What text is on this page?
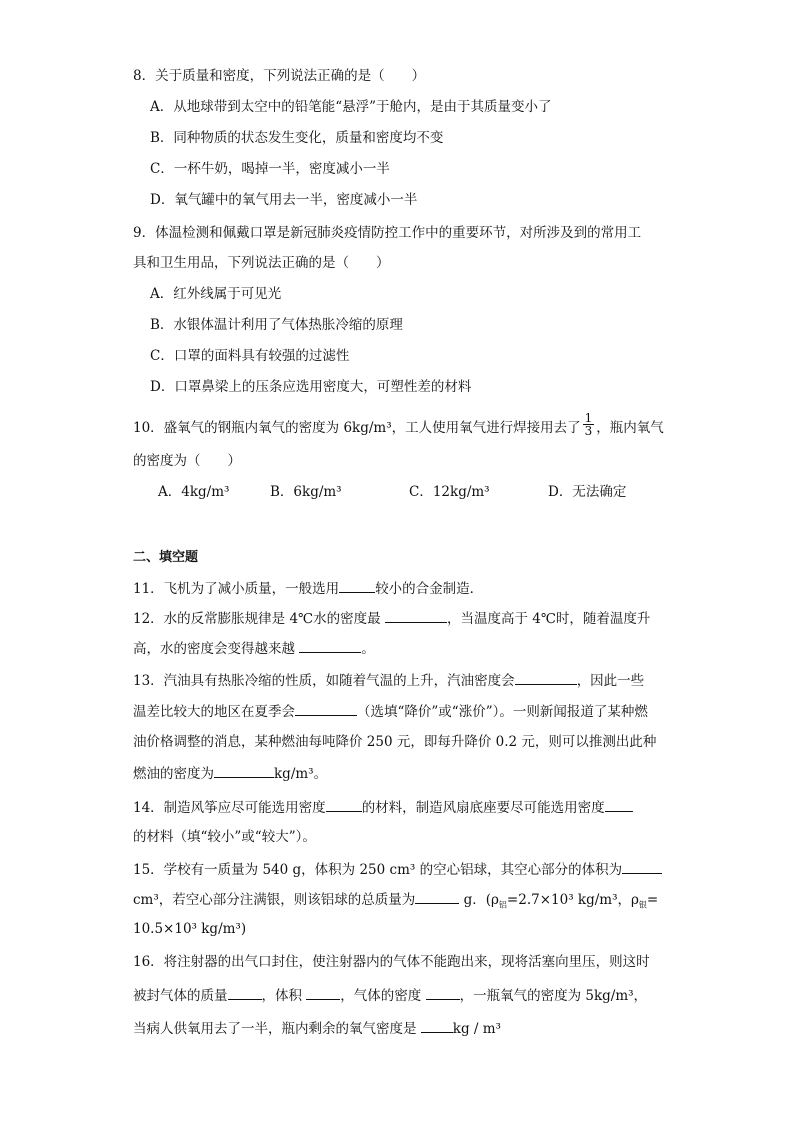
8．关于质量和密度，下列说法正确的是（　　）
A．从地球带到太空中的铅笔能“悬浮”于舱内，是由于其质量变小了
B．同种物质的状态发生变化，质量和密度均不变
C．一杯牛奶，喝掉一半，密度减小一半
D．氧气罐中的氧气用去一半，密度减小一半
9．体温检测和佩戴口罩是新冠肺炎疫情防控工作中的重要环节，对所涉及到的常用工
具和卫生用品，下列说法正确的是（　　）
A．红外线属于可见光
B．水银体温计利用了气体热胀冷缩的原理
C．口罩的面料具有较强的过滤性
D．口罩鼻梁上的压条应选用密度大，可塑性差的材料
10．盛氧气的钢瓶内氧气的密度为 6kg/m³，工人使用氧气进行焊接用去了 $\frac{1}{3}$ ，瓶内氧气
的密度为（　　）
A．4kg/m³	B．6kg/m³	C．12kg/m³	D．无法确定
二、填空题
11．飞机为了减小质量，一般选用	较小的合金制造．
12．水的反常膨胀规律是 4℃水的密度最	，当温度高于 4℃时，随着温度升
高，水的密度会变得越来越	。
13．汽油具有热胀冷缩的性质，如随着气温的上升，汽油密度会	，因此一些
温差比较大的地区在夏季会	（选填“降价”或“涨价”）。一则新闻报道了某种燃
油价格调整的消息，某种燃油每吨降价 250 元，即每升降价 0.2 元，则可以推测出此种
燃油的密度为	kg/m³。
14．制造风筝应尽可能选用密度	的材料，制造风扇底座要尽可能选用密度
的材料（填“较小”或“较大”）。
15．学校有一质量为 540 g，体积为 250 cm³ 的空心铝球，其空心部分的体积为
cm³，若空心部分注满银，则该铝球的总质量为	g．($\rho_铝=2.7\times 10^3$ kg/m³，$\rho_银=$
10.5×10³ kg/m³)
16．将注射器的出气口封住，使注射器内的气体不能跑出来，现将活塞向里压，则这时
被封气体的质量	，体积	，气体的密度	，一瓶氧气的密度为 5kg/m³，
当病人供氧用去了一半，瓶内剩余的氧气密度是 kg / m³
